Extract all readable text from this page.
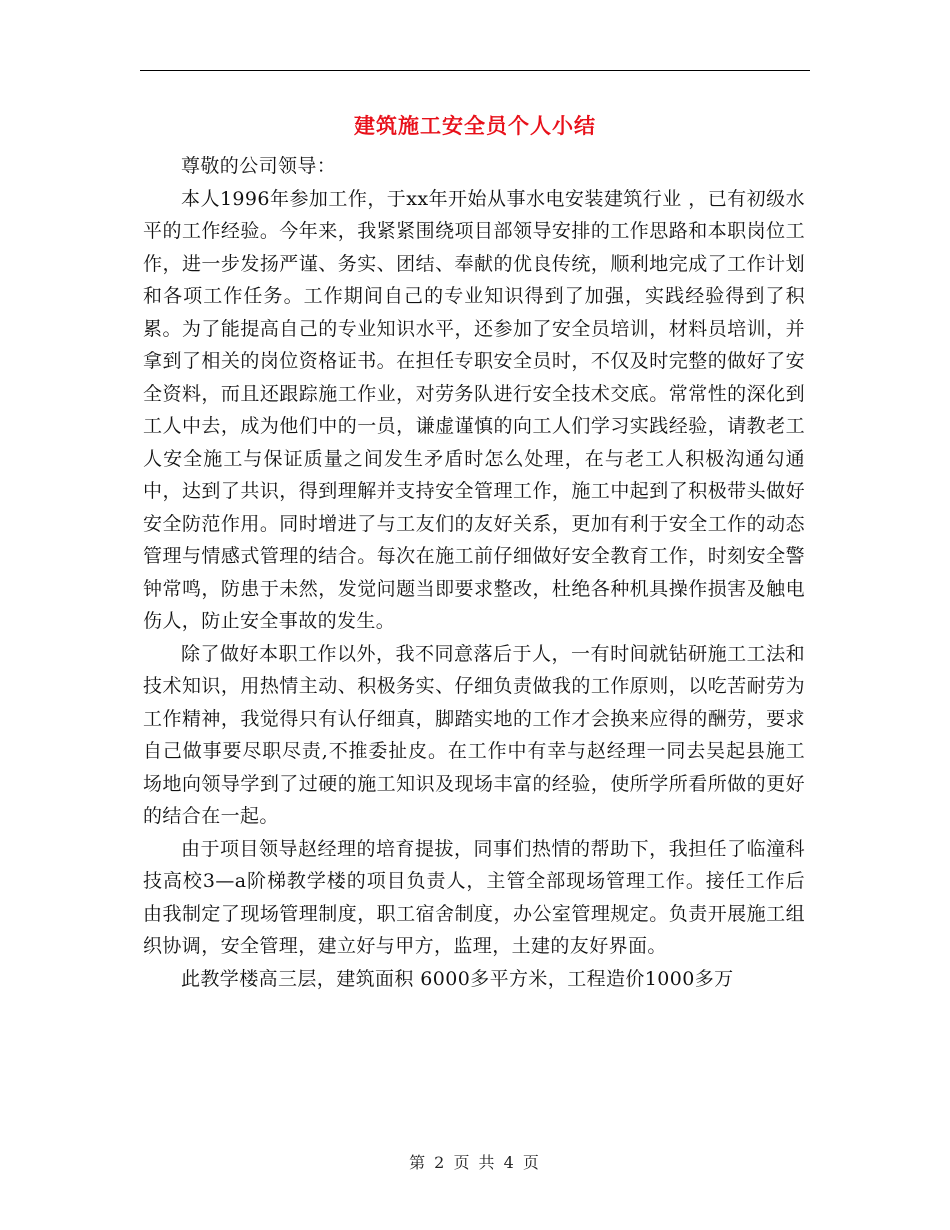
建筑施工安全员个人小结

尊敬的公司领导：

本人1996年参加工作，于xx年开始从事水电安装建筑行业 ，已有初级水平的工作经验。今年来，我紧紧围绕项目部领导安排的工作思路和本职岗位工作，进一步发扬严谨、务实、团结、奉献的优良传统，顺利地完成了工作计划和各项工作任务。工作期间自己的专业知识得到了加强，实践经验得到了积累。为了能提高自己的专业知识水平，还参加了安全员培训，材料员培训，并拿到了相关的岗位资格证书。在担任专职安全员时，不仅及时完整的做好了安全资料，而且还跟踪施工作业，对劳务队进行安全技术交底。常常性的深化到工人中去，成为他们中的一员，谦虚谨慎的向工人们学习实践经验，请教老工人安全施工与保证质量之间发生矛盾时怎么处理，在与老工人积极沟通勾通中，达到了共识，得到理解并支持安全管理工作，施工中起到了积极带头做好安全防范作用。同时增进了与工友们的友好关系，更加有利于安全工作的动态管理与情感式管理的结合。每次在施工前仔细做好安全教育工作，时刻安全警钟常鸣，防患于未然，发觉问题当即要求整改，杜绝各种机具操作损害及触电伤人，防止安全事故的发生。

除了做好本职工作以外，我不同意落后于人，一有时间就钻研施工工法和技术知识，用热情主动、积极务实、仔细负责做我的工作原则，以吃苦耐劳为工作精神，我觉得只有认仔细真，脚踏实地的工作才会换来应得的酬劳，要求自己做事要尽职尽责,不推委扯皮。在工作中有幸与赵经理一同去吴起县施工场地向领导学到了过硬的施工知识及现场丰富的经验，使所学所看所做的更好的结合在一起。

由于项目领导赵经理的培育提拔，同事们热情的帮助下，我担任了临潼科技高校3—a阶梯教学楼的项目负责人，主管全部现场管理工作。接任工作后由我制定了现场管理制度，职工宿舍制度，办公室管理规定。负责开展施工组织协调，安全管理，建立好与甲方，监理，土建的友好界面。

此教学楼高三层，建筑面积 6000多平方米，工程造价1000多万

第 2 页 共 4 页
